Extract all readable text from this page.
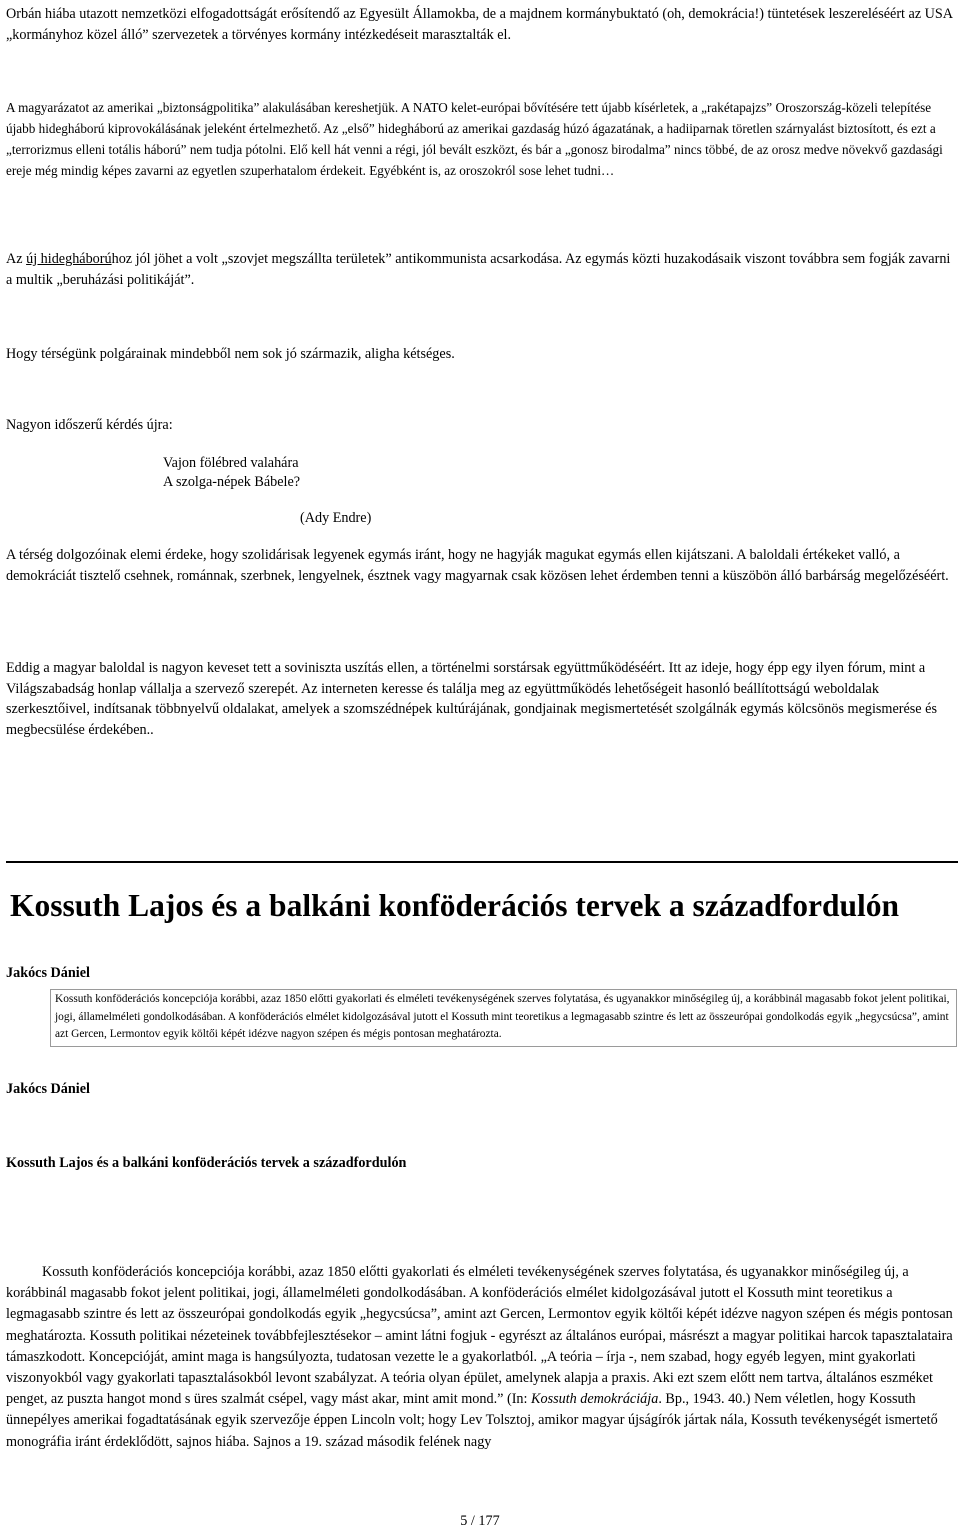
Orbán hiába utazott nemzetközi elfogadottságát erősítendő az Egyesült Államokba, de a majdnem kormánybuktató (oh, demokrácia!) tüntetések leszereléséért az USA „kormányhoz közel álló” szervezetek a törvényes kormány intézkedéseit marasztalták el.

A magyarázatot az amerikai „biztonságpolitika” alakulásában kereshetjük. A NATO kelet-európai bővítésére tett újabb kísérletek, a „rakétapajzs” Oroszország-közeli telepítése újabb hidegháború kiprovokálásának jeleként értelmezhető. Az „első” hidegháború az amerikai gazdaság húzó ágazatának, a hadiiparnak töretlen szárnyalást biztosított, és ezt a „terrorizmus elleni totális háború” nem tudja pótolni. Elő kell hát venni a régi, jól bevált eszközt, és bár a „gonosz birodalma” nincs többé, de az orosz medve növekvő gazdasági ereje még mindig képes zavarni az egyetlen szuperhatalom érdekeit. Egyébként is, az oroszokról sose lehet tudni…

Az új hidegháborúhoz jól jöhet a volt „szovjet megszállta területek” antikommunista acsarkodása. Az egymás közti huzakodásaik viszont továbbra sem fogják zavarni a multik „beruházási politikáját”.

Hogy térségünk polgárainak mindebből nem sok jó származik, aligha kétséges.

Nagyon időszerű kérdés újra:

Vajon fölébred valahára
A szolga-népek Bábele?
(Ady Endre)

A térség dolgozóinak elemi érdeke, hogy szolidárisak legyenek egymás iránt, hogy ne hagyják magukat egymás ellen kijátszani. A baloldali értékeket valló, a demokráciát tisztelő csehnek, románnak, szerbnek, lengyelnek, észtnek vagy magyarnak csak közösen lehet érdemben tenni a küszöbön álló barbárság megelőzéséért.

Eddig a magyar baloldal is nagyon keveset tett a soviniszta uszítás ellen, a történelmi sorstársak együttműködéséért. Itt az ideje, hogy épp egy ilyen fórum, mint a Világszabadság honlap vállalja a szervező szerepét. Az interneten keresse és találja meg az együttműködés lehetőségeit hasonló beállítottságú weboldalak szerkesztőivel, indítsanak többnyelvű oldalakat, amelyek a szomszédnépek kultúrájának, gondjainak megismertetését szolgálnák egymás kölcsönös megismerése és megbecsülése érdekében..

Kossuth Lajos és a balkáni konföderációs tervek a századfordulón
Jakócs Dániel
Kossuth konföderációs koncepciója korábbi, azaz 1850 előtti gyakorlati és elméleti tevékenységének szerves folytatása, és ugyanakkor minőségileg új, a korábbinál magasabb fokot jelent politikai, jogi, államelméleti gondolkodásában. A konföderációs elmélet kidolgozásával jutott el Kossuth mint teoretikus a legmagasabb szintre és lett az összeurópai gondolkodás egyik „hegycsúcsa”, amint azt Gercen, Lermontov egyik költői képét idézve nagyon szépen és mégis pontosan meghatározta.
Jakócs Dániel
Kossuth Lajos és a balkáni konföderációs tervek a századfordulón

Kossuth konföderációs koncepciója korábbi, azaz 1850 előtti gyakorlati és elméleti tevékenységének szerves folytatása, és ugyanakkor minőségileg új, a korábbinál magasabb fokot jelent politikai, jogi, államelméleti gondolkodásában. A konföderációs elmélet kidolgozásával jutott el Kossuth mint teoretikus a legmagasabb szintre és lett az összeurópai gondolkodás egyik „hegycsúcsa”, amint azt Gercen, Lermontov egyik költői képét idézve nagyon szépen és mégis pontosan meghatározta. Kossuth politikai nézeteinek továbbfejlesztésekor – amint látni fogjuk - egyrészt az általános európai, másrészt a magyar politikai harcok tapasztalataira támaszkodott. Koncepcióját, amint maga is hangsúlyozta, tudatosan vezette le a gyakorlatból. „A teória – írja -, nem szabad, hogy egyéb legyen, mint gyakorlati viszonyokból vagy gyakorlati tapasztalásokból levont szabályzat. A teória olyan épület, amelynek alapja a praxis. Aki ezt szem előtt nem tartva, általános eszméket penget, az puszta hangot mond s üres szalmát csépel, vagy mást akar, mint amit mond.” (In: Kossuth demokráciája. Bp., 1943. 40.) Nem véletlen, hogy Kossuth ünnepélyes amerikai fogadtatásának egyik szervezője éppen Lincoln volt; hogy Lev Tolsztoj, amikor magyar újságírók jártak nála, Kossuth tevékenységét ismertető monográfia iránt érdeklődött, sajnos hiába. Sajnos a 19. század második felének nagy

5 / 177
